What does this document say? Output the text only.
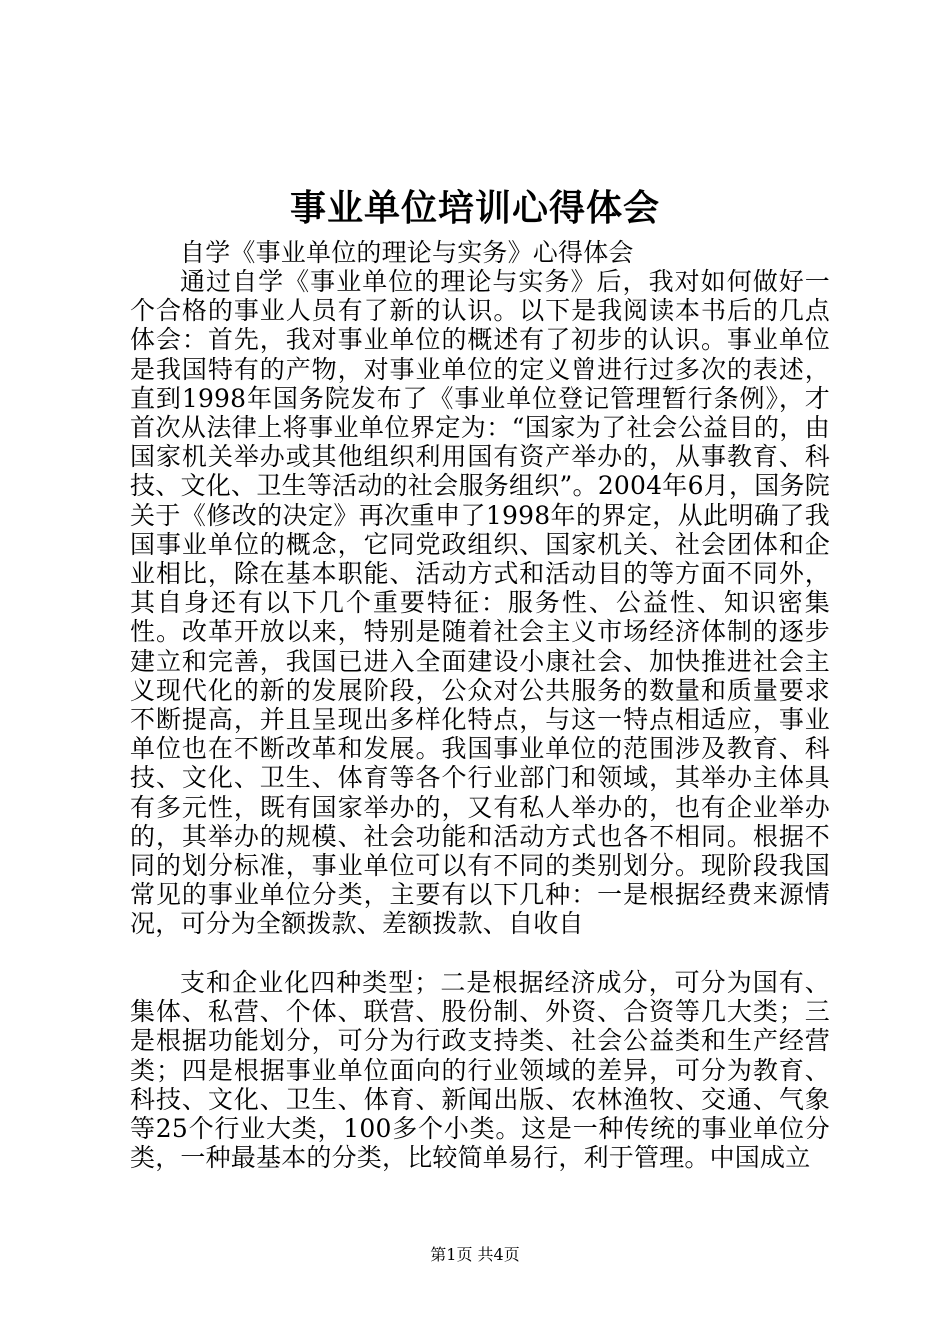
事业单位培训心得体会

自学《事业单位的理论与实务》心得体会

通过自学《事业单位的理论与实务》后，我对如何做好一个合格的事业人员有了新的认识。以下是我阅读本书后的几点体会：首先，我对事业单位的概述有了初步的认识。事业单位是我国特有的产物，对事业单位的定义曾进行过多次的表述，直到1998年国务院发布了《事业单位登记管理暂行条例》，才首次从法律上将事业单位界定为：“国家为了社会公益目的，由国家机关举办或其他组织利用国有资产举办的，从事教育、科技、文化、卫生等活动的社会服务组织”。2004年6月，国务院关于《修改的决定》再次重申了1998年的界定，从此明确了我国事业单位的概念，它同党政组织、国家机关、社会团体和企业相比，除在基本职能、活动方式和活动目的等方面不同外，其自身还有以下几个重要特征：服务性、公益性、知识密集性。改革开放以来，特别是随着社会主义市场经济体制的逐步建立和完善，我国已进入全面建设小康社会、加快推进社会主义现代化的新的发展阶段，公众对公共服务的数量和质量要求不断提高，并且呈现出多样化特点，与这一特点相适应，事业单位也在不断改革和发展。我国事业单位的范围涉及教育、科技、文化、卫生、体育等各个行业部门和领域，其举办主体具有多元性，既有国家举办的，又有私人举办的，也有企业举办的，其举办的规模、社会功能和活动方式也各不相同。根据不同的划分标准，事业单位可以有不同的类别划分。现阶段我国常见的事业单位分类，主要有以下几种：一是根据经费来源情况，可分为全额拨款、差额拨款、自收自

支和企业化四种类型；二是根据经济成分，可分为国有、集体、私营、个体、联营、股份制、外资、合资等几大类；三是根据功能划分，可分为行政支持类、社会公益类和生产经营类；四是根据事业单位面向的行业领域的差异，可分为教育、科技、文化、卫生、体育、新闻出版、农林渔牧、交通、气象等25个行业大类，100多个小类。这是一种传统的事业单位分类，一种最基本的分类，比较简单易行，利于管理。中国成立

第1页 共4页
